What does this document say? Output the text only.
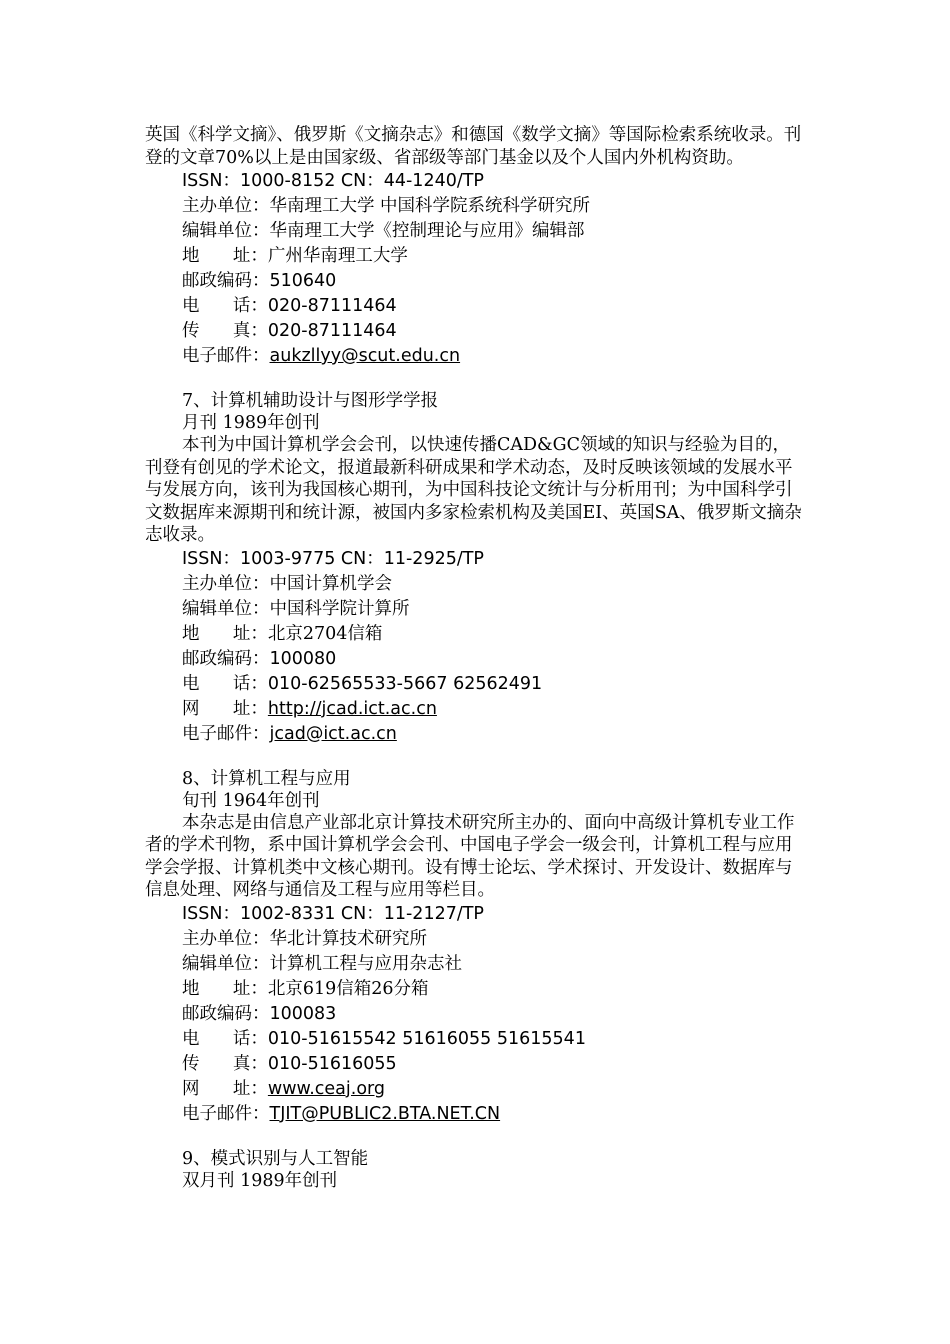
英国《科学文摘》、俄罗斯《文摘杂志》和德国《数学文摘》等国际检索系统收录。刊登的文章70%以上是由国家级、省部级等部门基金以及个人国内外机构资助。

ISSN：1000-8152 CN：44-1240/TP
主办单位：华南理工大学 中国科学院系统科学研究所
编辑单位：华南理工大学《控制理论与应用》编辑部
地      址：广州华南理工大学
邮政编码：510640
电      话：020-87111464
传      真：020-87111464
电子邮件：aukzllyy@scut.edu.cn
7、计算机辅助设计与图形学学报
月刊 1989年创刊

本刊为中国计算机学会会刊，以快速传播CAD&GC领域的知识与经验为目的，刊登有创见的学术论文，报道最新科研成果和学术动态，及时反映该领域的发展水平与发展方向，该刊为我国核心期刊，为中国科技论文统计与分析用刊；为中国科学引文数据库来源期刊和统计源，被国内多家检索机构及美国EI、英国SA、俄罗斯文摘杂志收录。

ISSN：1003-9775 CN：11-2925/TP
主办单位：中国计算机学会
编辑单位：中国科学院计算所
地      址：北京2704信箱
邮政编码：100080
电      话：010-62565533-5667 62562491
网      址：http://jcad.ict.ac.cn
电子邮件：jcad@ict.ac.cn
8、计算机工程与应用
旬刊 1964年创刊

本杂志是由信息产业部北京计算技术研究所主办的、面向中高级计算机专业工作者的学术刊物，系中国计算机学会会刊、中国电子学会一级会刊，计算机工程与应用学会学报、计算机类中文核心期刊。设有博士论坛、学术探讨、开发设计、数据库与信息处理、网络与通信及工程与应用等栏目。

ISSN：1002-8331 CN：11-2127/TP
主办单位：华北计算技术研究所
编辑单位：计算机工程与应用杂志社
地      址：北京619信箱26分箱
邮政编码：100083
电      话：010-51615542 51616055 51615541
传      真：010-51616055
网      址：www.ceaj.org
电子邮件：TJIT@PUBLIC2.BTA.NET.CN
9、模式识别与人工智能
双月刊 1989年创刊
